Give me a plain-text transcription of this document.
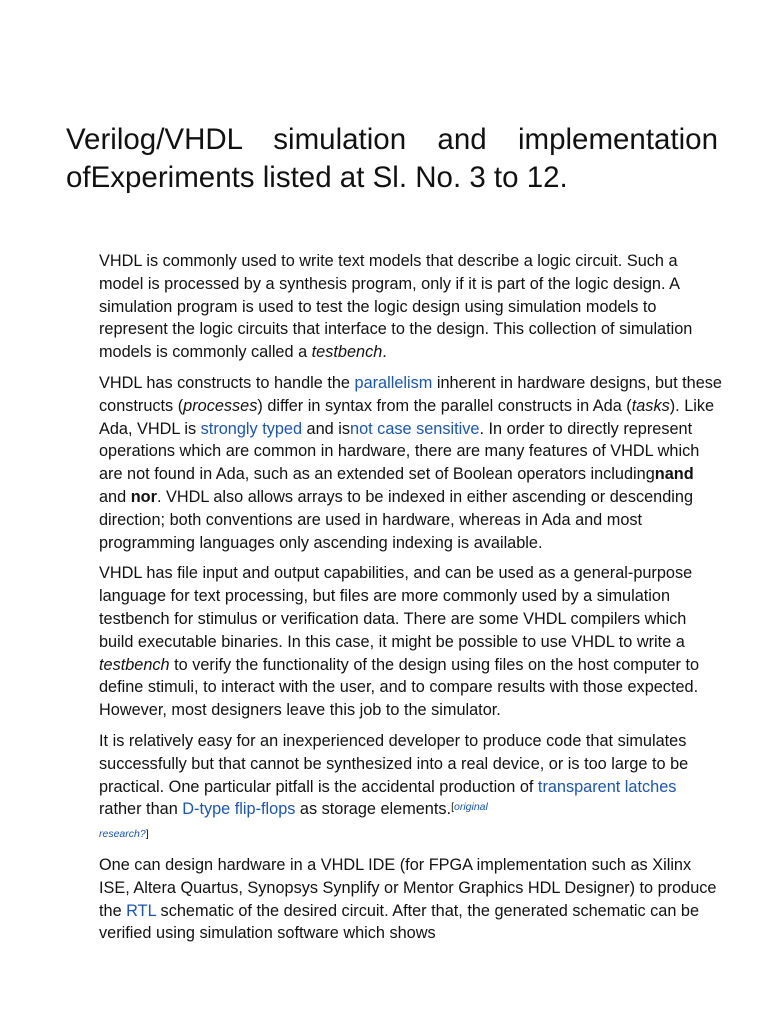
Verilog/VHDL simulation and implementation ofExperiments listed at Sl. No. 3 to 12.

VHDL is commonly used to write text models that describe a logic circuit. Such a model is processed by a synthesis program, only if it is part of the logic design. A simulation program is used to test the logic design using simulation models to represent the logic circuits that interface to the design. This collection of simulation models is commonly called a testbench.

VHDL has constructs to handle the parallelism inherent in hardware designs, but these constructs (processes) differ in syntax from the parallel constructs in Ada (tasks). Like Ada, VHDL is strongly typed and isnot case sensitive. In order to directly represent operations which are common in hardware, there are many features of VHDL which are not found in Ada, such as an extended set of Boolean operators includingnand and nor. VHDL also allows arrays to be indexed in either ascending or descending direction; both conventions are used in hardware, whereas in Ada and most programming languages only ascending indexing is available.

VHDL has file input and output capabilities, and can be used as a general-purpose language for text processing, but files are more commonly used by a simulation testbench for stimulus or verification data. There are some VHDL compilers which build executable binaries. In this case, it might be possible to use VHDL to write a testbench to verify the functionality of the design using files on the host computer to define stimuli, to interact with the user, and to compare results with those expected. However, most designers leave this job to the simulator.

It is relatively easy for an inexperienced developer to produce code that simulates successfully but that cannot be synthesized into a real device, or is too large to be practical. One particular pitfall is the accidental production of transparent latches rather than D-type flip-flops as storage elements.$^{[original}$
research?]

One can design hardware in a VHDL IDE (for FPGA implementation such as Xilinx ISE, Altera Quartus, Synopsys Synplify or Mentor Graphics HDL Designer) to produce the RTL schematic of the desired circuit. After that, the generated schematic can be verified using simulation software which shows
